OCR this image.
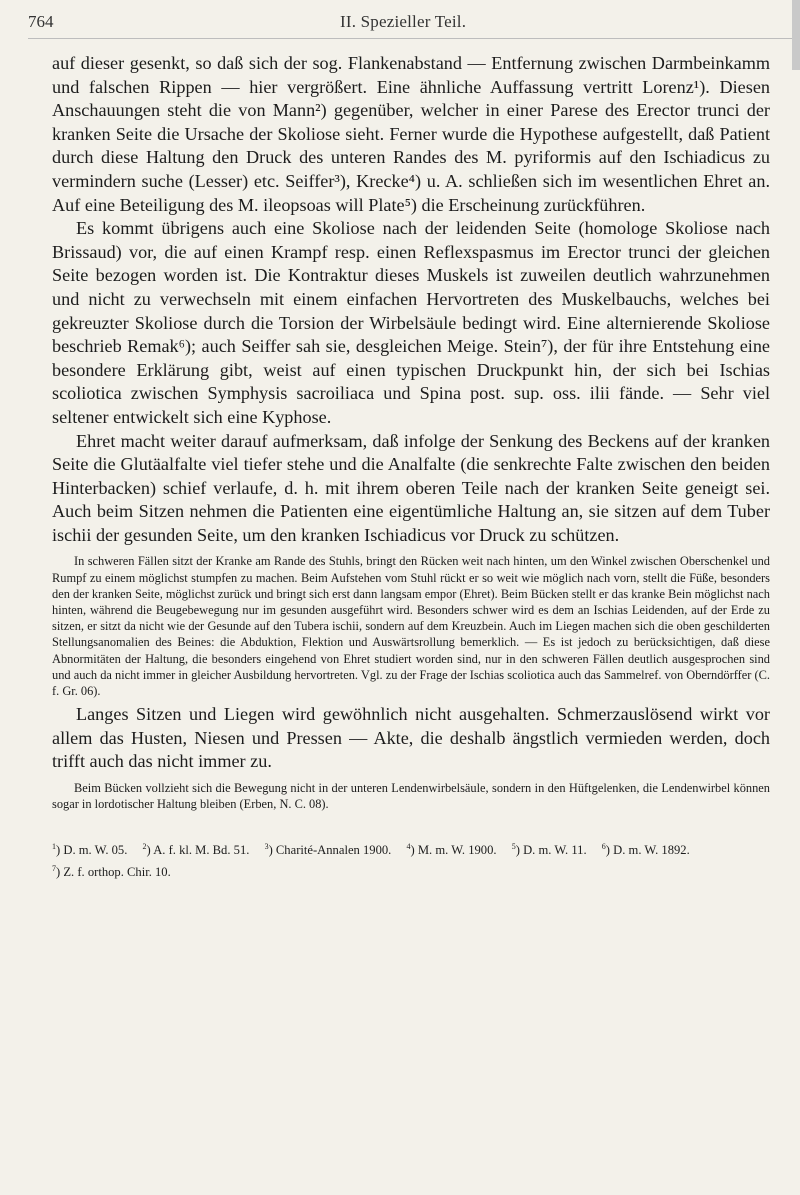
764	II. Spezieller Teil.

auf dieser gesenkt, so daß sich der sog. Flankenabstand — Entfernung zwischen Darmbeinkamm und falschen Rippen — hier vergrößert. Eine ähnliche Auffassung vertritt Lorenz¹). Diesen Anschauungen steht die von Mann²) gegenüber, welcher in einer Parese des Erector trunci der kranken Seite die Ursache der Skoliose sieht. Ferner wurde die Hypothese aufgestellt, daß Patient durch diese Haltung den Druck des unteren Randes des M. pyriformis auf den Ischiadicus zu vermindern suche (Lesser) etc. Seiffer³), Krecke⁴) u. A. schließen sich im wesentlichen Ehret an. Auf eine Beteiligung des M. ileopsoas will Plate⁵) die Erscheinung zurückführen.

Es kommt übrigens auch eine Skoliose nach der leidenden Seite (homologe Skoliose nach Brissaud) vor, die auf einen Krampf resp. einen Reflexspasmus im Erector trunci der gleichen Seite bezogen worden ist. Die Kontraktur dieses Muskels ist zuweilen deutlich wahrzunehmen und nicht zu verwechseln mit einem einfachen Hervortreten des Muskelbauchs, welches bei gekreuzter Skoliose durch die Torsion der Wirbelsäule bedingt wird. Eine alternierende Skoliose beschrieb Remak⁶); auch Seiffer sah sie, desgleichen Meige. Stein⁷), der für ihre Entstehung eine besondere Erklärung gibt, weist auf einen typischen Druckpunkt hin, der sich bei Ischias scoliotica zwischen Symphysis sacroiliaca und Spina post. sup. oss. ilii fände. — Sehr viel seltener entwickelt sich eine Kyphose.

Ehret macht weiter darauf aufmerksam, daß infolge der Senkung des Beckens auf der kranken Seite die Glutäalfalte viel tiefer stehe und die Analfalte (die senkrechte Falte zwischen den beiden Hinterbacken) schief verlaufe, d. h. mit ihrem oberen Teile nach der kranken Seite geneigt sei. Auch beim Sitzen nehmen die Patienten eine eigentümliche Haltung an, sie sitzen auf dem Tuber ischii der gesunden Seite, um den kranken Ischiadicus vor Druck zu schützen.

In schweren Fällen sitzt der Kranke am Rande des Stuhls, bringt den Rücken weit nach hinten, um den Winkel zwischen Oberschenkel und Rumpf zu einem möglichst stumpfen zu machen. Beim Aufstehen vom Stuhl rückt er so weit wie möglich nach vorn, stellt die Füße, besonders den der kranken Seite, möglichst zurück und bringt sich erst dann langsam empor (Ehret). Beim Bücken stellt er das kranke Bein möglichst nach hinten, während die Beugebewegung nur im gesunden ausgeführt wird. Besonders schwer wird es dem an Ischias Leidenden, auf der Erde zu sitzen, er sitzt da nicht wie der Gesunde auf den Tubera ischii, sondern auf dem Kreuzbein. Auch im Liegen machen sich die oben geschilderten Stellungsanomalien des Beines: die Abduktion, Flektion und Auswärtsrollung bemerklich. — Es ist jedoch zu berücksichtigen, daß diese Abnormitäten der Haltung, die besonders eingehend von Ehret studiert worden sind, nur in den schweren Fällen deutlich ausgesprochen sind und auch da nicht immer in gleicher Ausbildung hervortreten. Vgl. zu der Frage der Ischias scoliotica auch das Sammelref. von Oberndörffer (C. f. Gr. 06).

Langes Sitzen und Liegen wird gewöhnlich nicht ausgehalten. Schmerzauslösend wirkt vor allem das Husten, Niesen und Pressen — Akte, die deshalb ängstlich vermieden werden, doch trifft auch das nicht immer zu.

Beim Bücken vollzieht sich die Bewegung nicht in der unteren Lendenwirbelsäule, sondern in den Hüftgelenken, die Lendenwirbel können sogar in lordotischer Haltung bleiben (Erben, N. C. 08).

$^1$) D. m. W. 05. $^2$) A. f. kl. M. Bd. 51. $^3$) Charité-Annalen 1900. $^4$) M. m. W. 1900. $^5$) D. m. W. 11. $^6$) D. m. W. 1892. $^7$) Z. f. orthop. Chir. 10.
